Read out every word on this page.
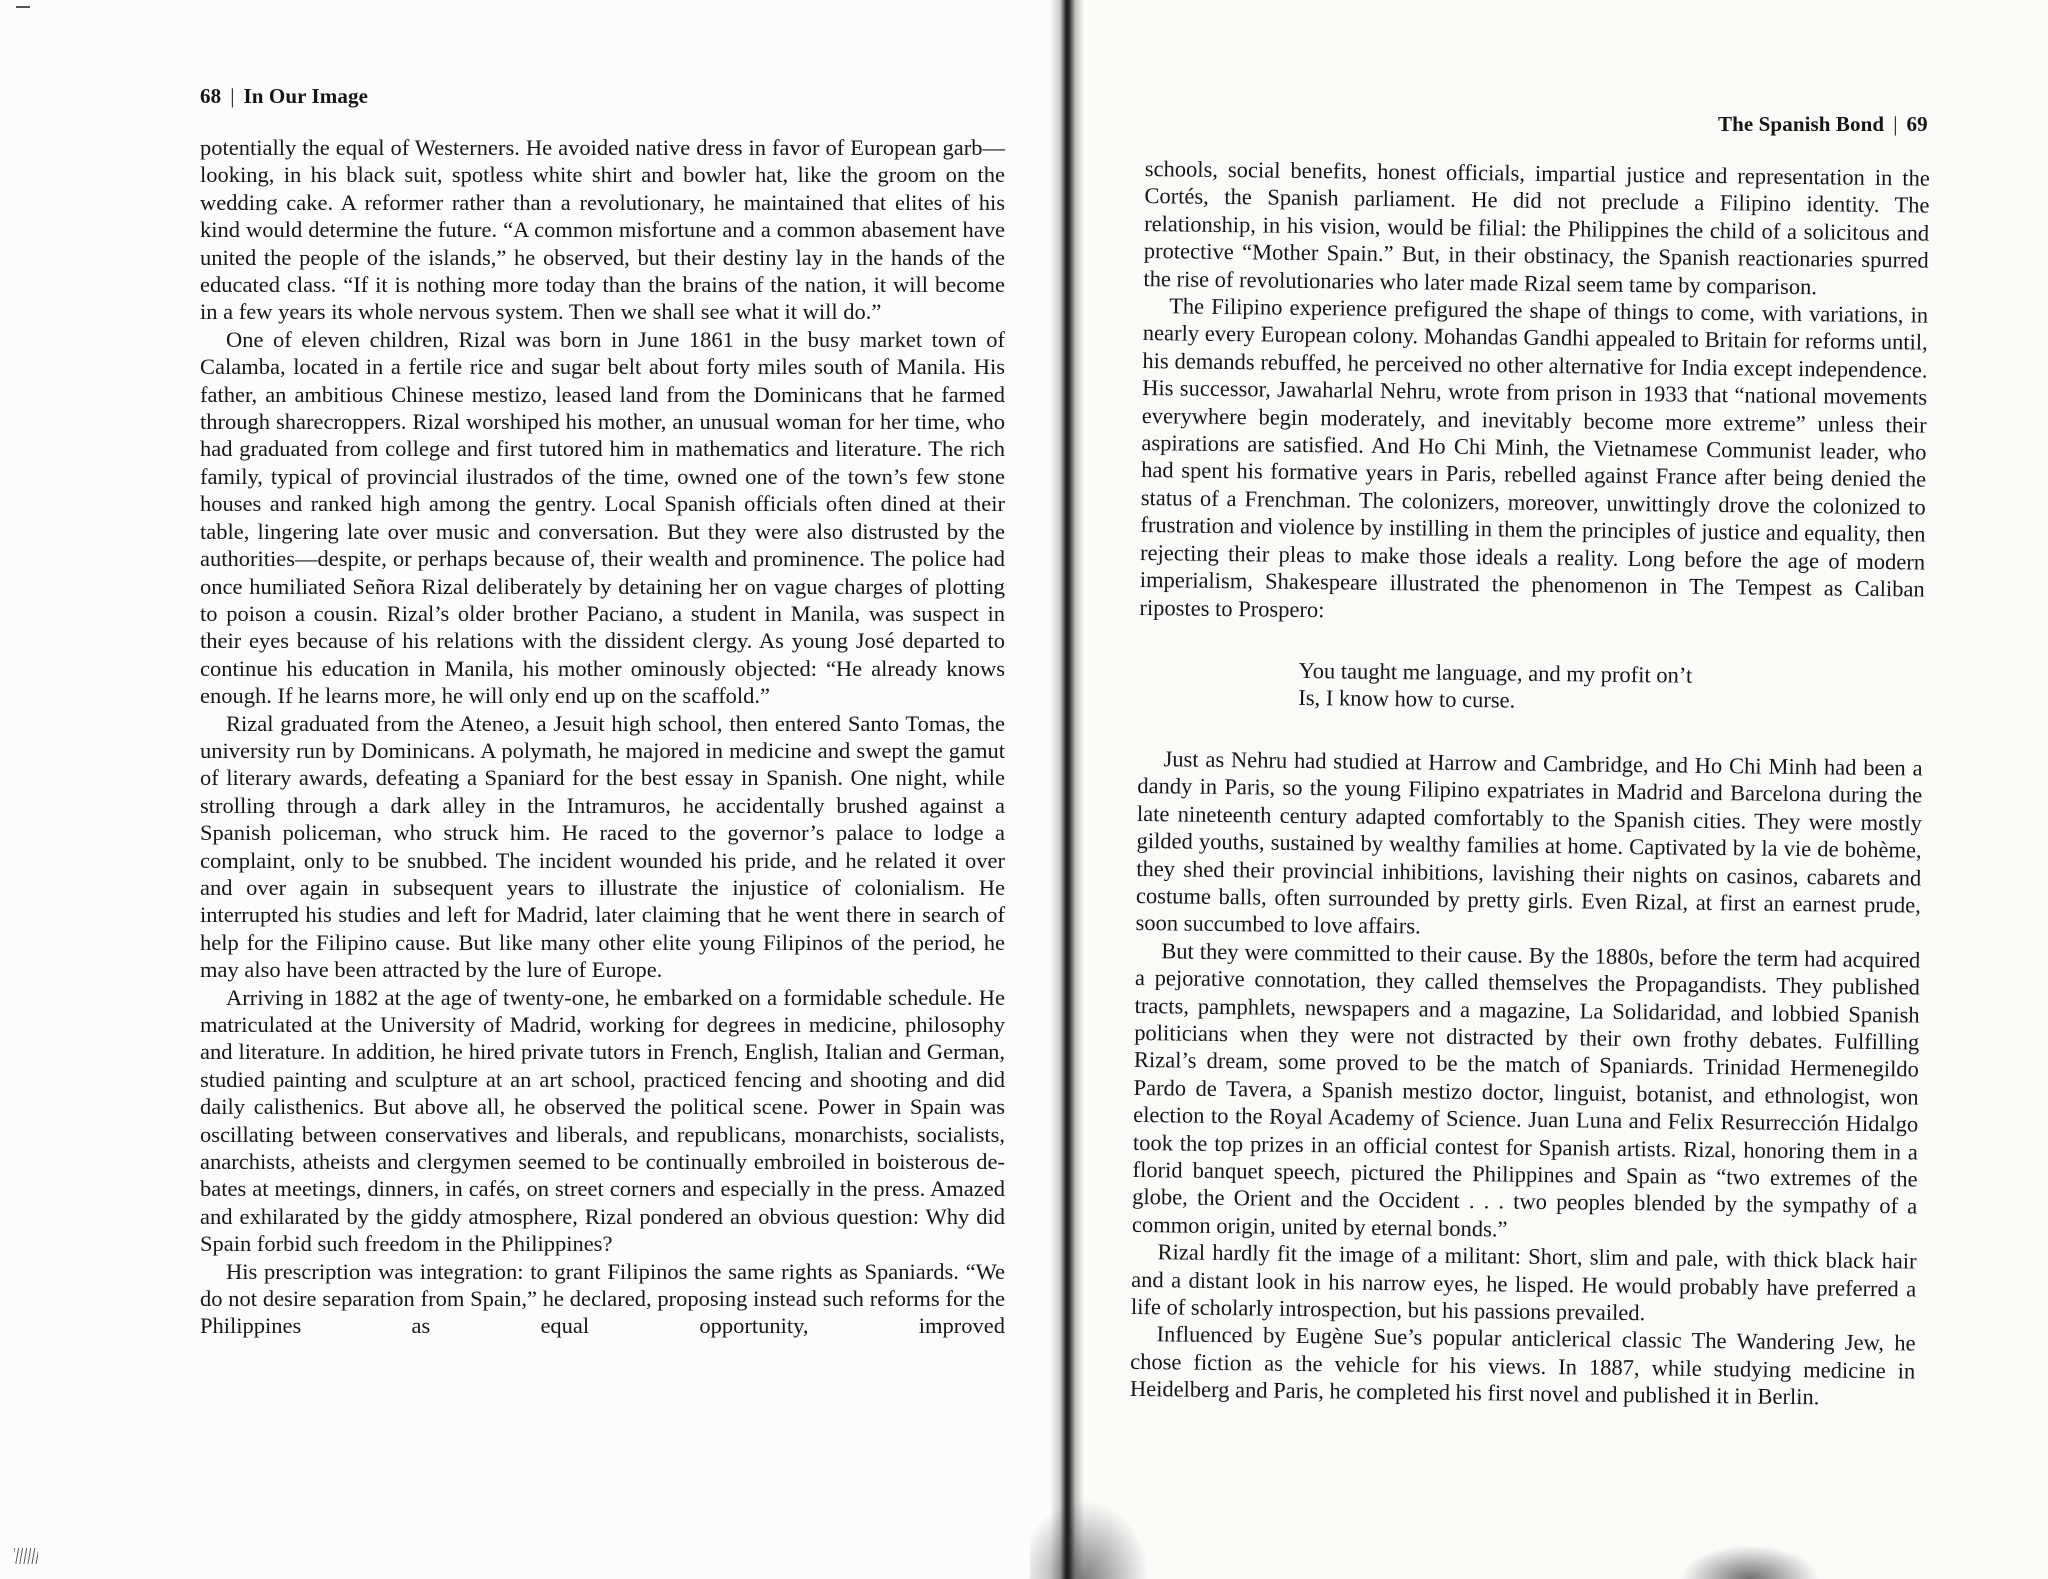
68 | In Our Image

potentially the equal of Westerners. He avoided native dress in favor of European garb—looking, in his black suit, spotless white shirt and bowler hat, like the groom on the wedding cake. A reformer rather than a revolutionary, he maintained that elites of his kind would determine the future. “A common misfortune and a common abasement have united the people of the islands,” he observed, but their destiny lay in the hands of the educated class. “If it is nothing more today than the brains of the nation, it will become in a few years its whole nervous system. Then we shall see what it will do.”

One of eleven children, Rizal was born in June 1861 in the busy market town of Calamba, located in a fertile rice and sugar belt about forty miles south of Manila. His father, an ambitious Chinese mestizo, leased land from the Dominicans that he farmed through sharecroppers. Rizal worshiped his mother, an unusual woman for her time, who had graduated from college and first tutored him in mathematics and literature. The rich family, typical of provincial ilustrados of the time, owned one of the town’s few stone houses and ranked high among the gentry. Local Spanish officials often dined at their table, lingering late over music and conversation. But they were also distrusted by the authorities—despite, or perhaps because of, their wealth and prominence. The police had once humiliated Señora Rizal deliberately by detaining her on vague charges of plotting to poison a cousin. Rizal’s older brother Paciano, a student in Manila, was suspect in their eyes because of his relations with the dissident clergy. As young José departed to continue his education in Manila, his mother ominously objected: “He already knows enough. If he learns more, he will only end up on the scaffold.”

Rizal graduated from the Ateneo, a Jesuit high school, then entered Santo Tomas, the university run by Dominicans. A polymath, he majored in medicine and swept the gamut of literary awards, defeating a Spaniard for the best essay in Spanish. One night, while strolling through a dark alley in the Intramuros, he accidentally brushed against a Spanish policeman, who struck him. He raced to the governor’s palace to lodge a complaint, only to be snubbed. The incident wounded his pride, and he related it over and over again in subsequent years to illustrate the injustice of colonialism. He interrupted his studies and left for Madrid, later claiming that he went there in search of help for the Filipino cause. But like many other elite young Filipinos of the period, he may also have been attracted by the lure of Europe.

Arriving in 1882 at the age of twenty-one, he embarked on a formidable schedule. He matriculated at the University of Madrid, working for degrees in medicine, philosophy and literature. In addition, he hired private tutors in French, English, Italian and German, studied painting and sculpture at an art school, practiced fencing and shooting and did daily calisthenics. But above all, he observed the political scene. Power in Spain was oscillating between conservatives and liberals, and republicans, monarchists, socialists, anarchists, atheists and clergymen seemed to be continually embroiled in boisterous debates at meetings, dinners, in cafés, on street corners and especially in the press. Amazed and exhilarated by the giddy atmosphere, Rizal pondered an obvious question: Why did Spain forbid such freedom in the Philippines?

His prescription was integration: to grant Filipinos the same rights as Spaniards. “We do not desire separation from Spain,” he declared, proposing instead such reforms for the Philippines as equal opportunity, improved

The Spanish Bond | 69

schools, social benefits, honest officials, impartial justice and representation in the Cortés, the Spanish parliament. He did not preclude a Filipino identity. The relationship, in his vision, would be filial: the Philippines the child of a solicitous and protective “Mother Spain.” But, in their obstinacy, the Spanish reactionaries spurred the rise of revolutionaries who later made Rizal seem tame by comparison.

The Filipino experience prefigured the shape of things to come, with variations, in nearly every European colony. Mohandas Gandhi appealed to Britain for reforms until, his demands rebuffed, he perceived no other alternative for India except independence. His successor, Jawaharlal Nehru, wrote from prison in 1933 that “national movements everywhere begin moderately, and inevitably become more extreme” unless their aspirations are satisfied. And Ho Chi Minh, the Vietnamese Communist leader, who had spent his formative years in Paris, rebelled against France after being denied the status of a Frenchman. The colonizers, moreover, unwittingly drove the colonized to frustration and violence by instilling in them the principles of justice and equality, then rejecting their pleas to make those ideals a reality. Long before the age of modern imperialism, Shakespeare illustrated the phenomenon in The Tempest as Caliban ripostes to Prospero:

You taught me language, and my profit on’t
Is, I know how to curse.

Just as Nehru had studied at Harrow and Cambridge, and Ho Chi Minh had been a dandy in Paris, so the young Filipino expatriates in Madrid and Barcelona during the late nineteenth century adapted comfortably to the Spanish cities. They were mostly gilded youths, sustained by wealthy families at home. Captivated by la vie de bohème, they shed their provincial inhibitions, lavishing their nights on casinos, cabarets and costume balls, often surrounded by pretty girls. Even Rizal, at first an earnest prude, soon succumbed to love affairs.

But they were committed to their cause. By the 1880s, before the term had acquired a pejorative connotation, they called themselves the Propagandists. They published tracts, pamphlets, newspapers and a magazine, La Solidaridad, and lobbied Spanish politicians when they were not distracted by their own frothy debates. Fulfilling Rizal’s dream, some proved to be the match of Spaniards. Trinidad Hermenegildo Pardo de Tavera, a Spanish mestizo doctor, linguist, botanist, and ethnologist, won election to the Royal Academy of Science. Juan Luna and Felix Resurrección Hidalgo took the top prizes in an official contest for Spanish artists. Rizal, honoring them in a florid banquet speech, pictured the Philippines and Spain as “two extremes of the globe, the Orient and the Occident . . . two peoples blended by the sympathy of a common origin, united by eternal bonds.”

Rizal hardly fit the image of a militant: Short, slim and pale, with thick black hair and a distant look in his narrow eyes, he lisped. He would probably have preferred a life of scholarly introspection, but his passions prevailed.

Influenced by Eugène Sue’s popular anticlerical classic The Wandering Jew, he chose fiction as the vehicle for his views. In 1887, while studying medicine in Heidelberg and Paris, he completed his first novel and published it in Berlin.
